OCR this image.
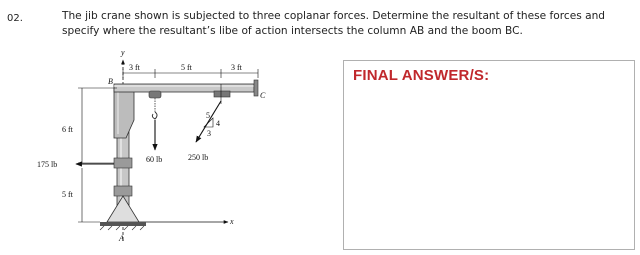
02.	The jib crane shown is subjected to three coplanar forces. Determine the resultant of these forces and specify where the resultant’s libe of action intersects the column AB and the boom BC.
y
x
A
B
C
3 ft	5 ft	3 ft
60 lb	250 lb
5
4
3
6 ft
5 ft
175 lb
FINAL ANSWER/S:
